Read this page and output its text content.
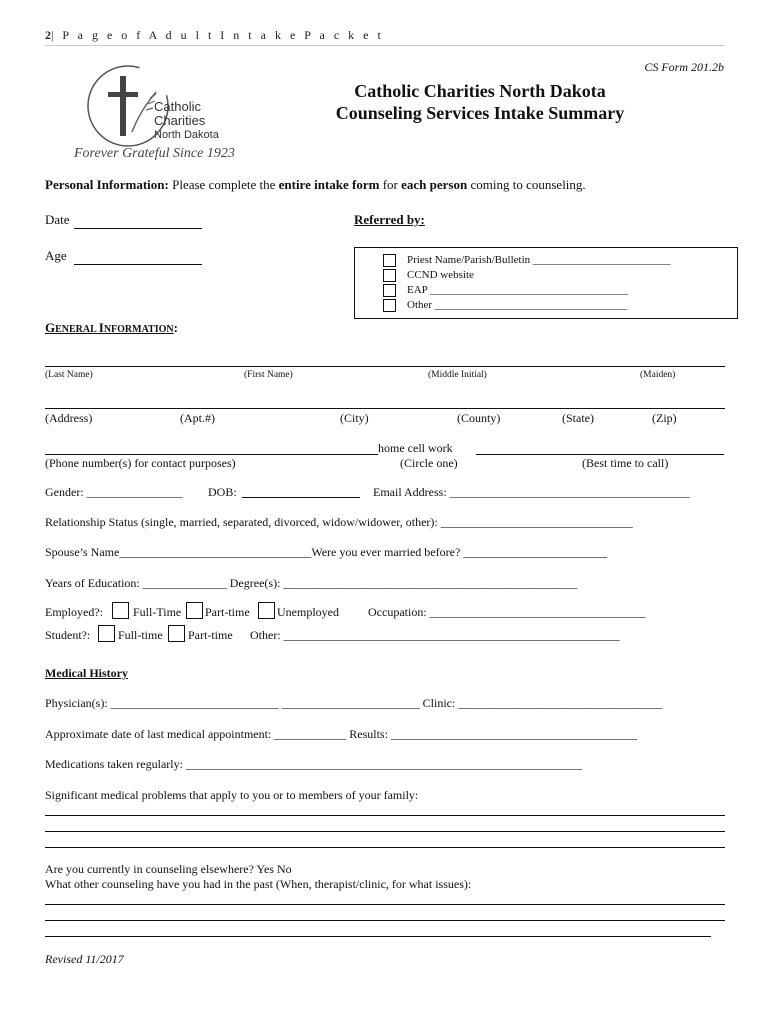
2| P a g e o f A d u l t I n t a k e P a c k e t
CS Form 201.2b
Catholic
Charities
North Dakota
Forever Grateful Since 1923
Catholic Charities North Dakota
Counseling Services Intake Summary
Personal Information: Please complete the entire intake form for each person coming to counseling.
Date
Age
Referred by:
Priest Name/Parish/Bulletin _________________________
CCND website
EAP ____________________________________
Other ___________________________________
GENERAL INFORMATION:
(Last Name)	(First Name)	(Middle Initial)	(Maiden)
(Address)	(Apt.#)	(City)	(County)	(State)	(Zip)
home cell work
(Phone number(s) for contact purposes)	(Circle one)	(Best time to call)
Gender: ________________ DOB:	Email Address: ________________________________________
Relationship Status (single, married, separated, divorced, widow/widower, other): ________________________________
Spouse’s Name________________________________Were you ever married before? ________________________
Years of Education: ______________ Degree(s): _________________________________________________
Employed?:	Full-Time Part-time Unemployed Occupation: ____________________________________
Student?: Full-time Part-time Other: ________________________________________________________
Medical History
Physician(s): ____________________________ _______________________ Clinic: __________________________________
Approximate date of last medical appointment: ____________ Results: _________________________________________
Medications taken regularly: __________________________________________________________________
Significant medical problems that apply to you or to members of your family:
Are you currently in counseling elsewhere? Yes No
What other counseling have you had in the past (When, therapist/clinic, for what issues):
Revised 11/2017
